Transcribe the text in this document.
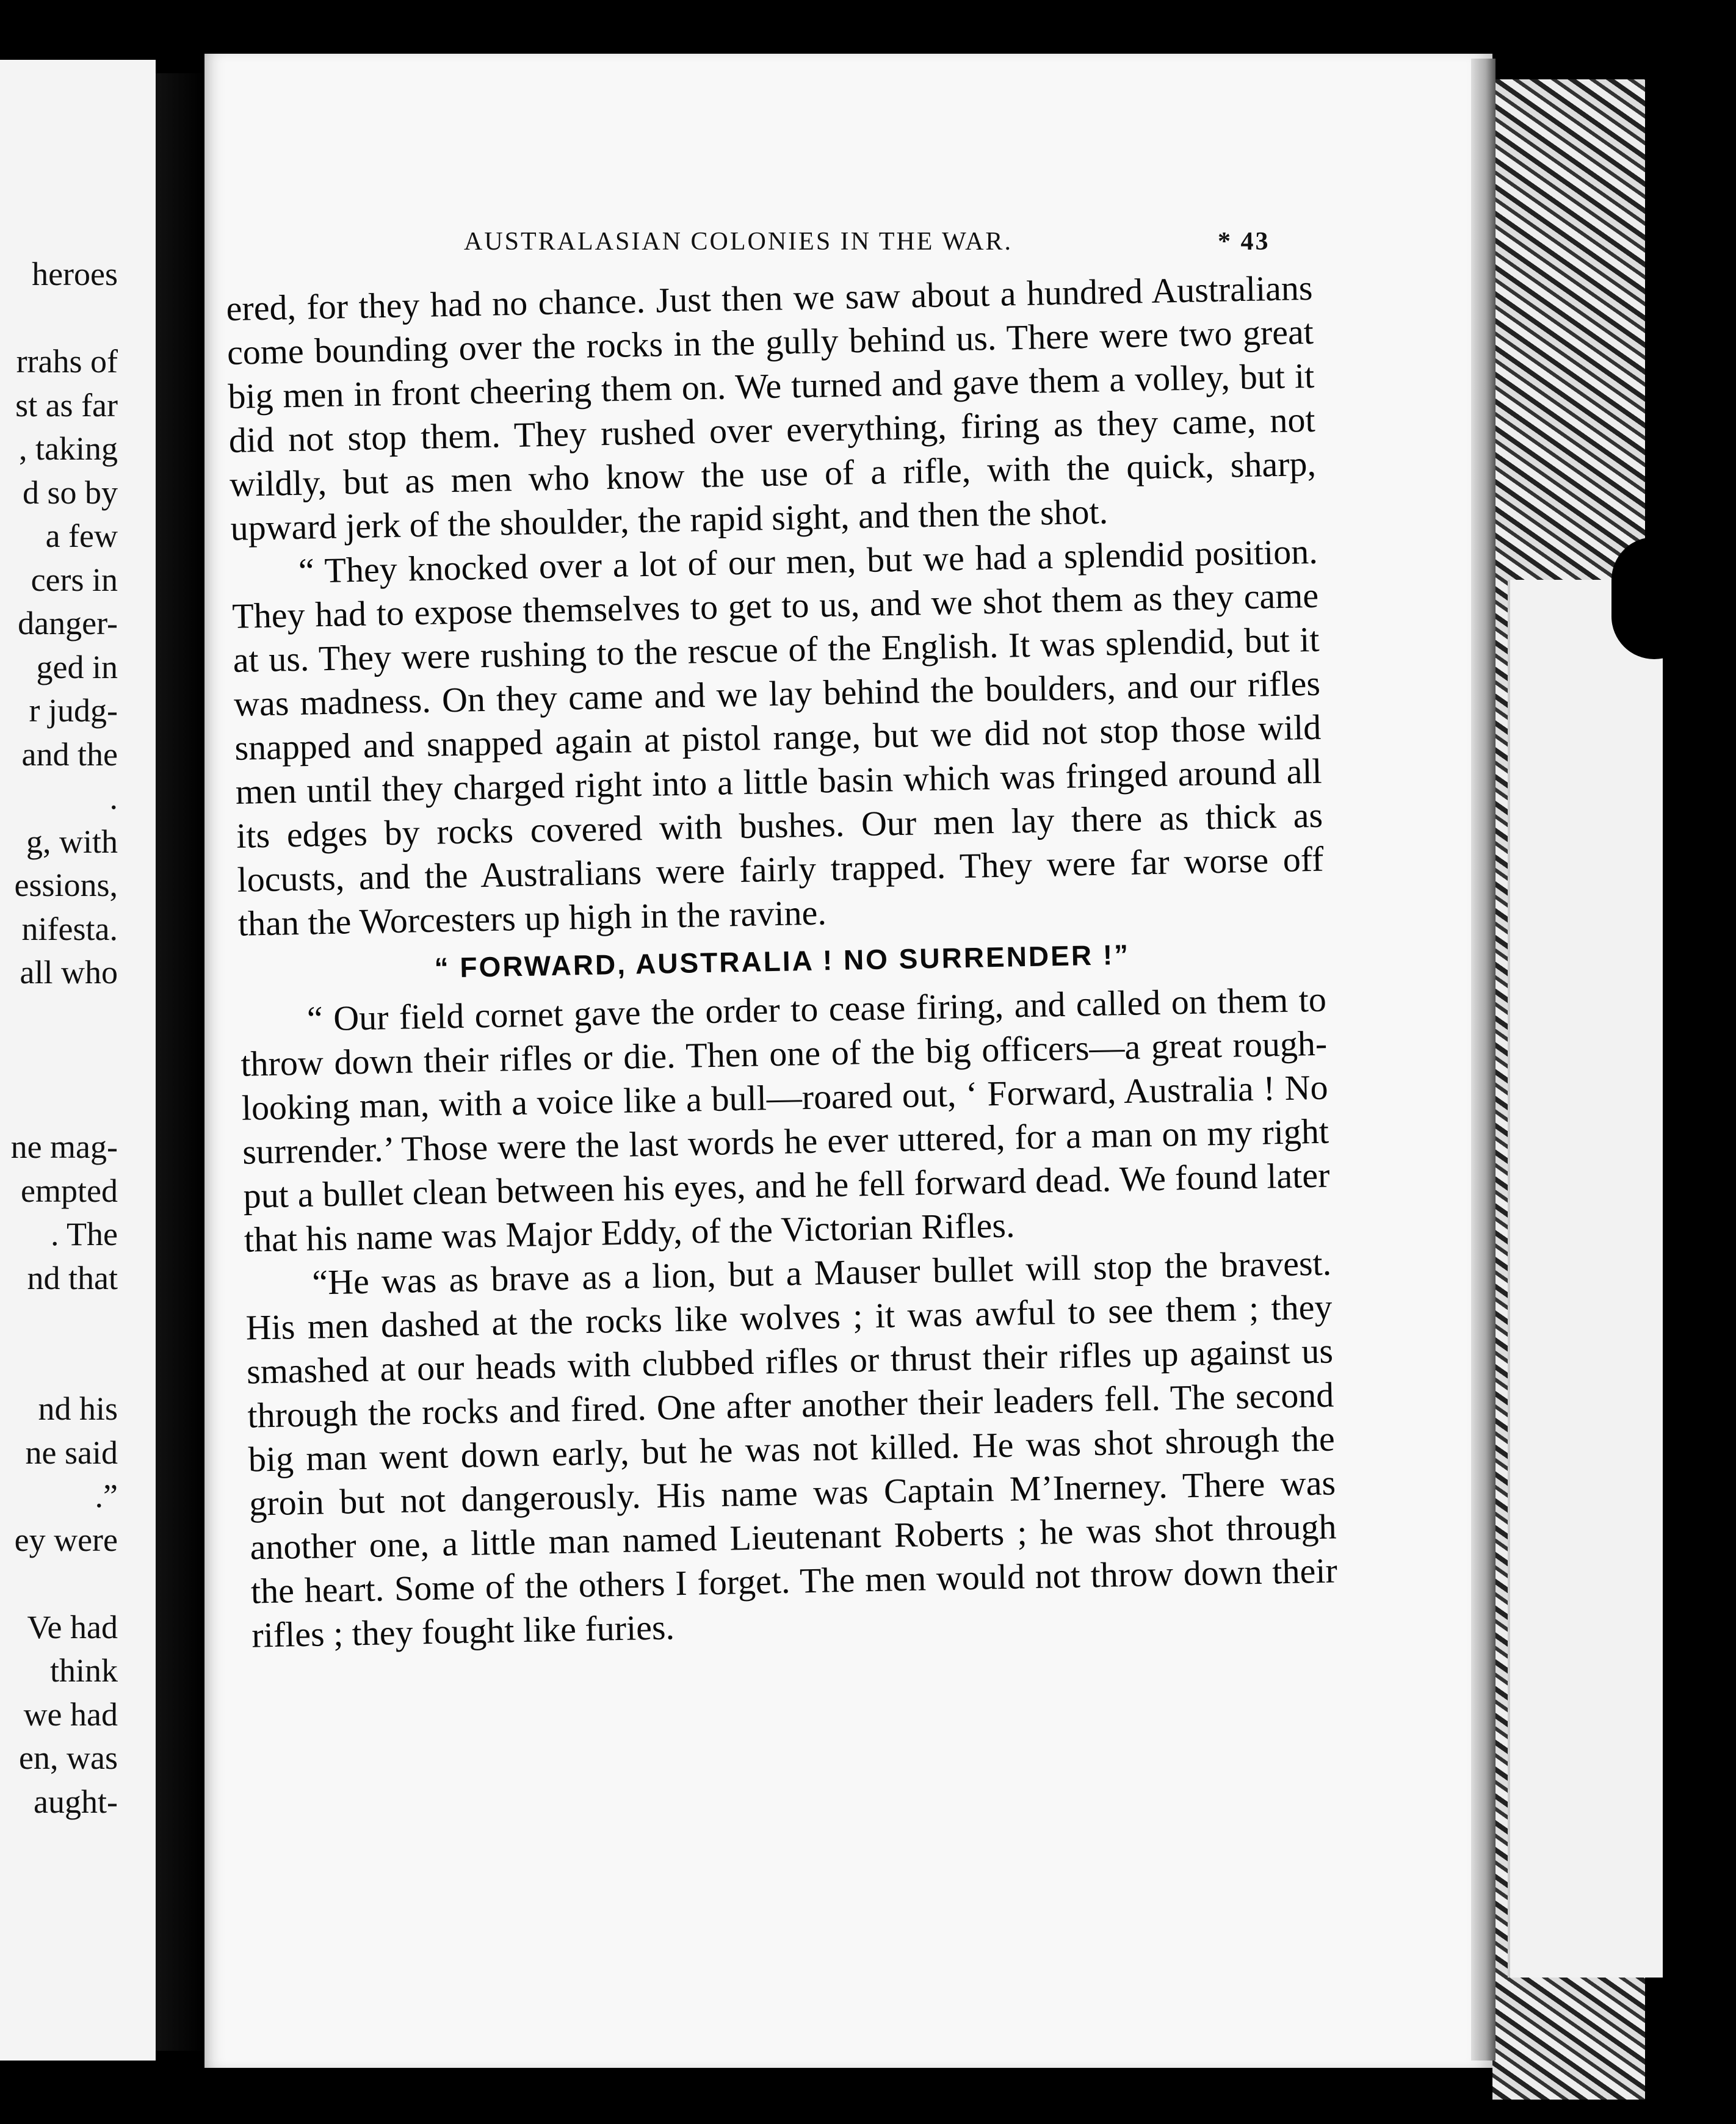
heroes
rrahs of
st as far
, taking
d so by
a few
cers in
danger-
ged in
r judg-
and the
.
g, with
essions,
nifesta.
all who
ne mag-
empted
. The
nd that
nd his
ne said
.”
ey were
Ve had
think
we had
en, was
aught-
AUSTRALASIAN COLONIES IN THE WAR.	* 43

ered, for they had no chance. Just then we saw about a hundred Australians come bounding over the rocks in the gully behind us. There were two great big men in front cheering them on. We turned and gave them a volley, but it did not stop them. They rushed over everything, firing as they came, not wildly, but as men who know the use of a rifle, with the quick, sharp, upward jerk of the shoulder, the rapid sight, and then the shot.

“ They knocked over a lot of our men, but we had a splendid position. They had to expose themselves to get to us, and we shot them as they came at us. They were rushing to the rescue of the English. It was splendid, but it was madness. On they came and we lay behind the boulders, and our rifles snapped and snapped again at pistol range, but we did not stop those wild men until they charged right into a little basin which was fringed around all its edges by rocks covered with bushes. Our men lay there as thick as locusts, and the Australians were fairly trapped. They were far worse off than the Worcesters up high in the ravine.

“ FORWARD, AUSTRALIA ! NO SURRENDER !”

“ Our field cornet gave the order to cease firing, and called on them to throw down their rifles or die. Then one of the big officers—a great rough-looking man, with a voice like a bull—roared out, ‘ Forward, Australia ! No surrender.’ Those were the last words he ever uttered, for a man on my right put a bullet clean between his eyes, and he fell forward dead. We found later that his name was Major Eddy, of the Victorian Rifles.

“He was as brave as a lion, but a Mauser bullet will stop the bravest. His men dashed at the rocks like wolves ; it was awful to see them ; they smashed at our heads with clubbed rifles or thrust their rifles up against us through the rocks and fired. One after another their leaders fell. The second big man went down early, but he was not killed. He was shot shrough the groin but not dangerously. His name was Captain M’Inerney. There was another one, a little man named Lieutenant Roberts ; he was shot through the heart. Some of the others I forget. The men would not throw down their rifles ; they fought like furies.
